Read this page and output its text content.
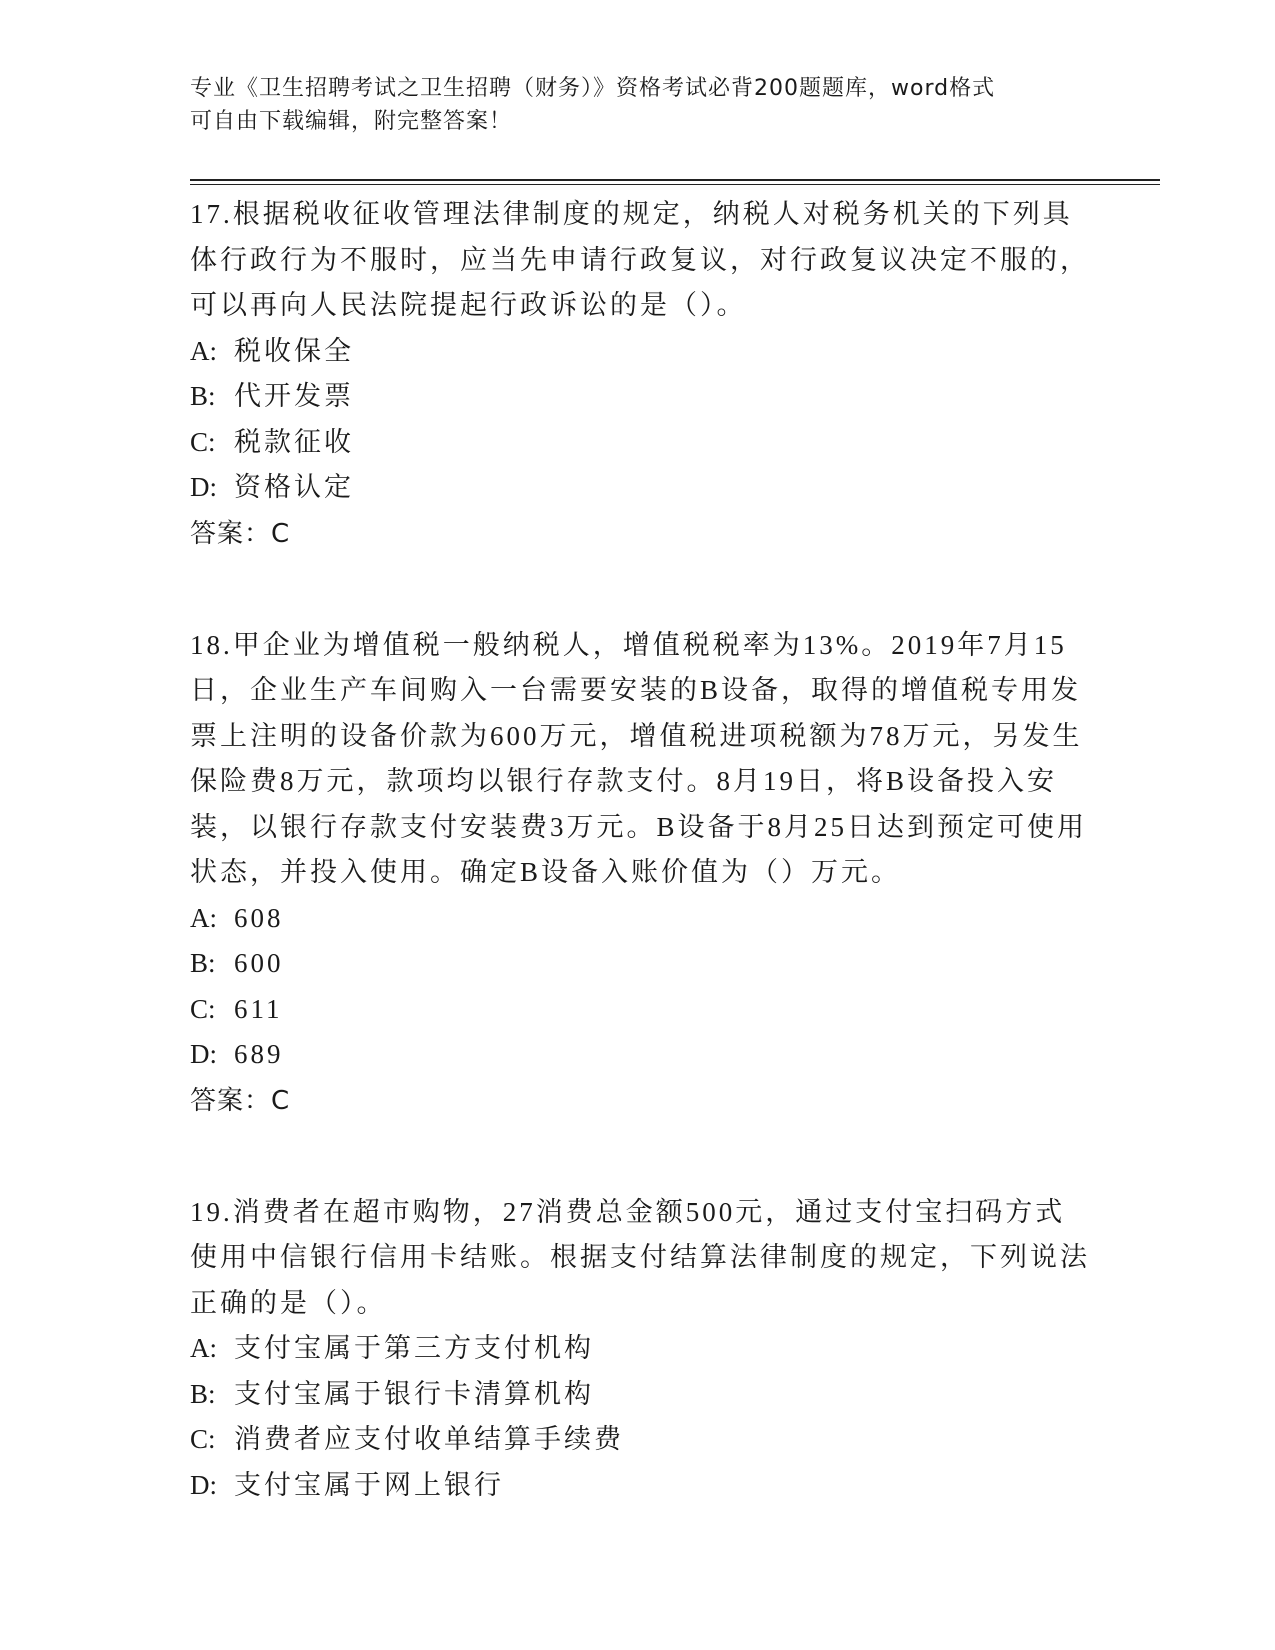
专业《卫生招聘考试之卫生招聘（财务）》资格考试必背200题题库，word格式
可自由下载编辑，附完整答案！

17.根据税收征收管理法律制度的规定，纳税人对税务机关的下列具体行政行为不服时，应当先申请行政复议，对行政复议决定不服的，可以再向人民法院提起行政诉讼的是（）。

A: 税收保全
B: 代开发票
C: 税款征收
D: 资格认定

答案：C

18.甲企业为增值税一般纳税人，增值税税率为13%。2019年7月15日，企业生产车间购入一台需要安装的B设备，取得的增值税专用发票上注明的设备价款为600万元，增值税进项税额为78万元，另发生保险费8万元，款项均以银行存款支付。8月19日，将B设备投入安装，以银行存款支付安装费3万元。B设备于8月25日达到预定可使用状态，并投入使用。确定B设备入账价值为（）万元。

A: 608
B: 600
C: 611
D: 689

答案：C

19.消费者在超市购物，27消费总金额500元，通过支付宝扫码方式使用中信银行信用卡结账。根据支付结算法律制度的规定，下列说法正确的是（）。

A: 支付宝属于第三方支付机构
B: 支付宝属于银行卡清算机构
C: 消费者应支付收单结算手续费
D: 支付宝属于网上银行
